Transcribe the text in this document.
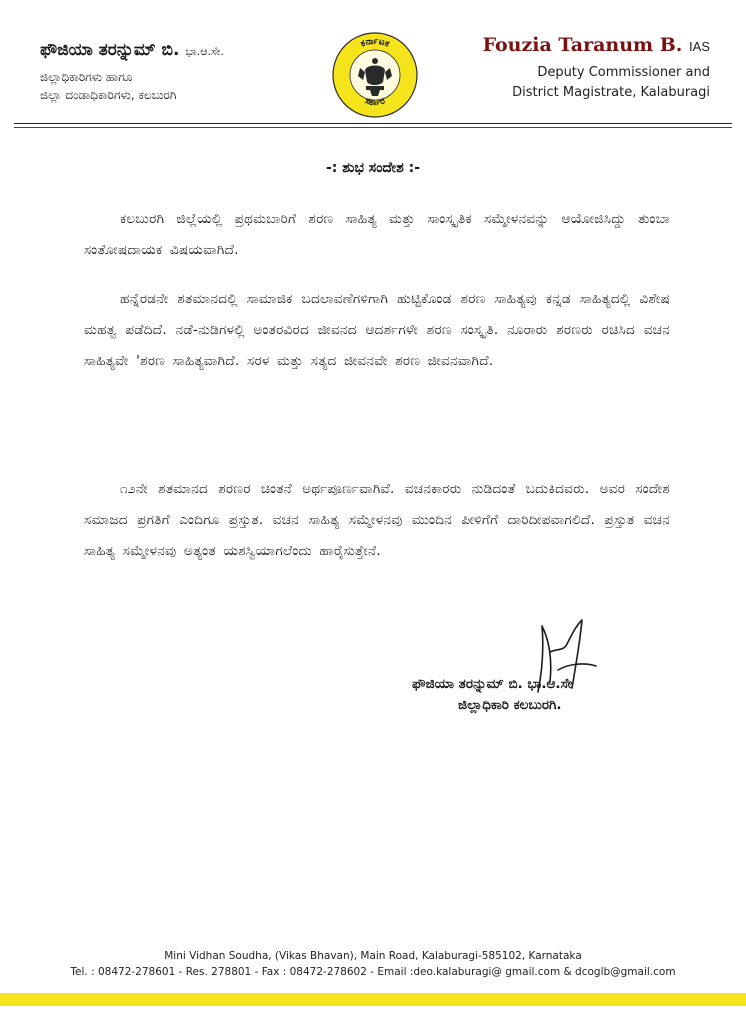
ಫೌಜಿಯಾ ತರನ್ನುಮ್ ಬಿ. ಭಾ.ಆ.ಸೇ.
ಜಿಲ್ಲಾಧಿಕಾರಿಗಳು ಹಾಗೂ
ಜಿಲ್ಲಾ ದಂಡಾಧಿಕಾರಿಗಳು, ಕಲಬುರಗಿ
ಕರ್ನಾಟಕ
ಸರ್ಕಾರ
Fouzia Taranum B. IAS
Deputy Commissioner and
District Magistrate, Kalaburagi
-: ಶುಭ ಸಂದೇಶ :-
ಕಲಬುರಗಿ ಜಿಲ್ಲೆಯಲ್ಲಿ ಪ್ರಥಮಬಾರಿಗೆ ಶರಣ ಸಾಹಿತ್ಯ ಮತ್ತು ಸಾಂಸ್ಕೃತಿಕ ಸಮ್ಮೇಳನವನ್ನು ಆಯೋಜಿಸಿದ್ದು ತುಂಬಾ ಸಂತೋಷದಾಯಕ ವಿಷಯವಾಗಿದೆ.
ಹನ್ನೆರಡನೇ ಶತಮಾನದಲ್ಲಿ ಸಾಮಾಜಿಕ ಬದಲಾವಣೆಗಳಿಗಾಗಿ ಹುಟ್ಟಿಕೊಂಡ ಶರಣ ಸಾಹಿತ್ಯವು ಕನ್ನಡ ಸಾಹಿತ್ಯದಲ್ಲಿ ವಿಶೇಷ ಮಹತ್ವ ಪಡೆದಿದೆ. ನಡೆ-ನುಡಿಗಳಲ್ಲಿ ಅಂತರವಿರದ ಜೀವನದ ಆದರ್ಶಗಳೇ ಶರಣ ಸಂಸ್ಕೃತಿ. ನೂರಾರು ಶರಣರು ರಚಿಸಿದ ವಚನ ಸಾಹಿತ್ಯವೇ 'ಶರಣ ಸಾಹಿತ್ಯವಾಗಿದೆ. ಸರಳ ಮತ್ತು ಸತ್ಯದ ಜೀವನವೇ ಶರಣ ಜೀವನವಾಗಿದೆ.
೧೨ನೇ ಶತಮಾನದ ಶರಣರ ಚಿಂತನೆ ಅರ್ಥಪೂರ್ಣವಾಗಿವೆ. ವಚನಕಾರರು ನುಡಿದಂತೆ ಬದುಕಿದವರು. ಅವರ ಸಂದೇಶ ಸಮಾಜದ ಪ್ರಗತಿಗೆ ಎಂದಿಗೂ ಪ್ರಸ್ತುತ. ವಚನ ಸಾಹಿತ್ಯ ಸಮ್ಮೇಳನವು ಮುಂದಿನ ಪೀಳಿಗೆಗೆ ದಾರಿದೀಪವಾಗಲಿದೆ. ಪ್ರಸ್ತುತ ವಚನ ಸಾಹಿತ್ಯ ಸಮ್ಮೇಳನವು ಅತ್ಯಂತ ಯಶಸ್ವಿಯಾಗಲೆಂದು ಹಾರೈಸುತ್ತೇನೆ.
ಫೌಜಿಯಾ ತರನ್ನುಮ್ ಬಿ. ಭಾ.ಆ.ಸೇ
ಜಿಲ್ಲಾಧಿಕಾರಿ ಕಲಬುರಗಿ.
Mini Vidhan Soudha, (Vikas Bhavan), Main Road, Kalaburagi-585102, Karnataka
Tel. : 08472-278601 - Res. 278801 - Fax : 08472-278602 - Email :deo.kalaburagi@ gmail.com & dcoglb@gmail.com
